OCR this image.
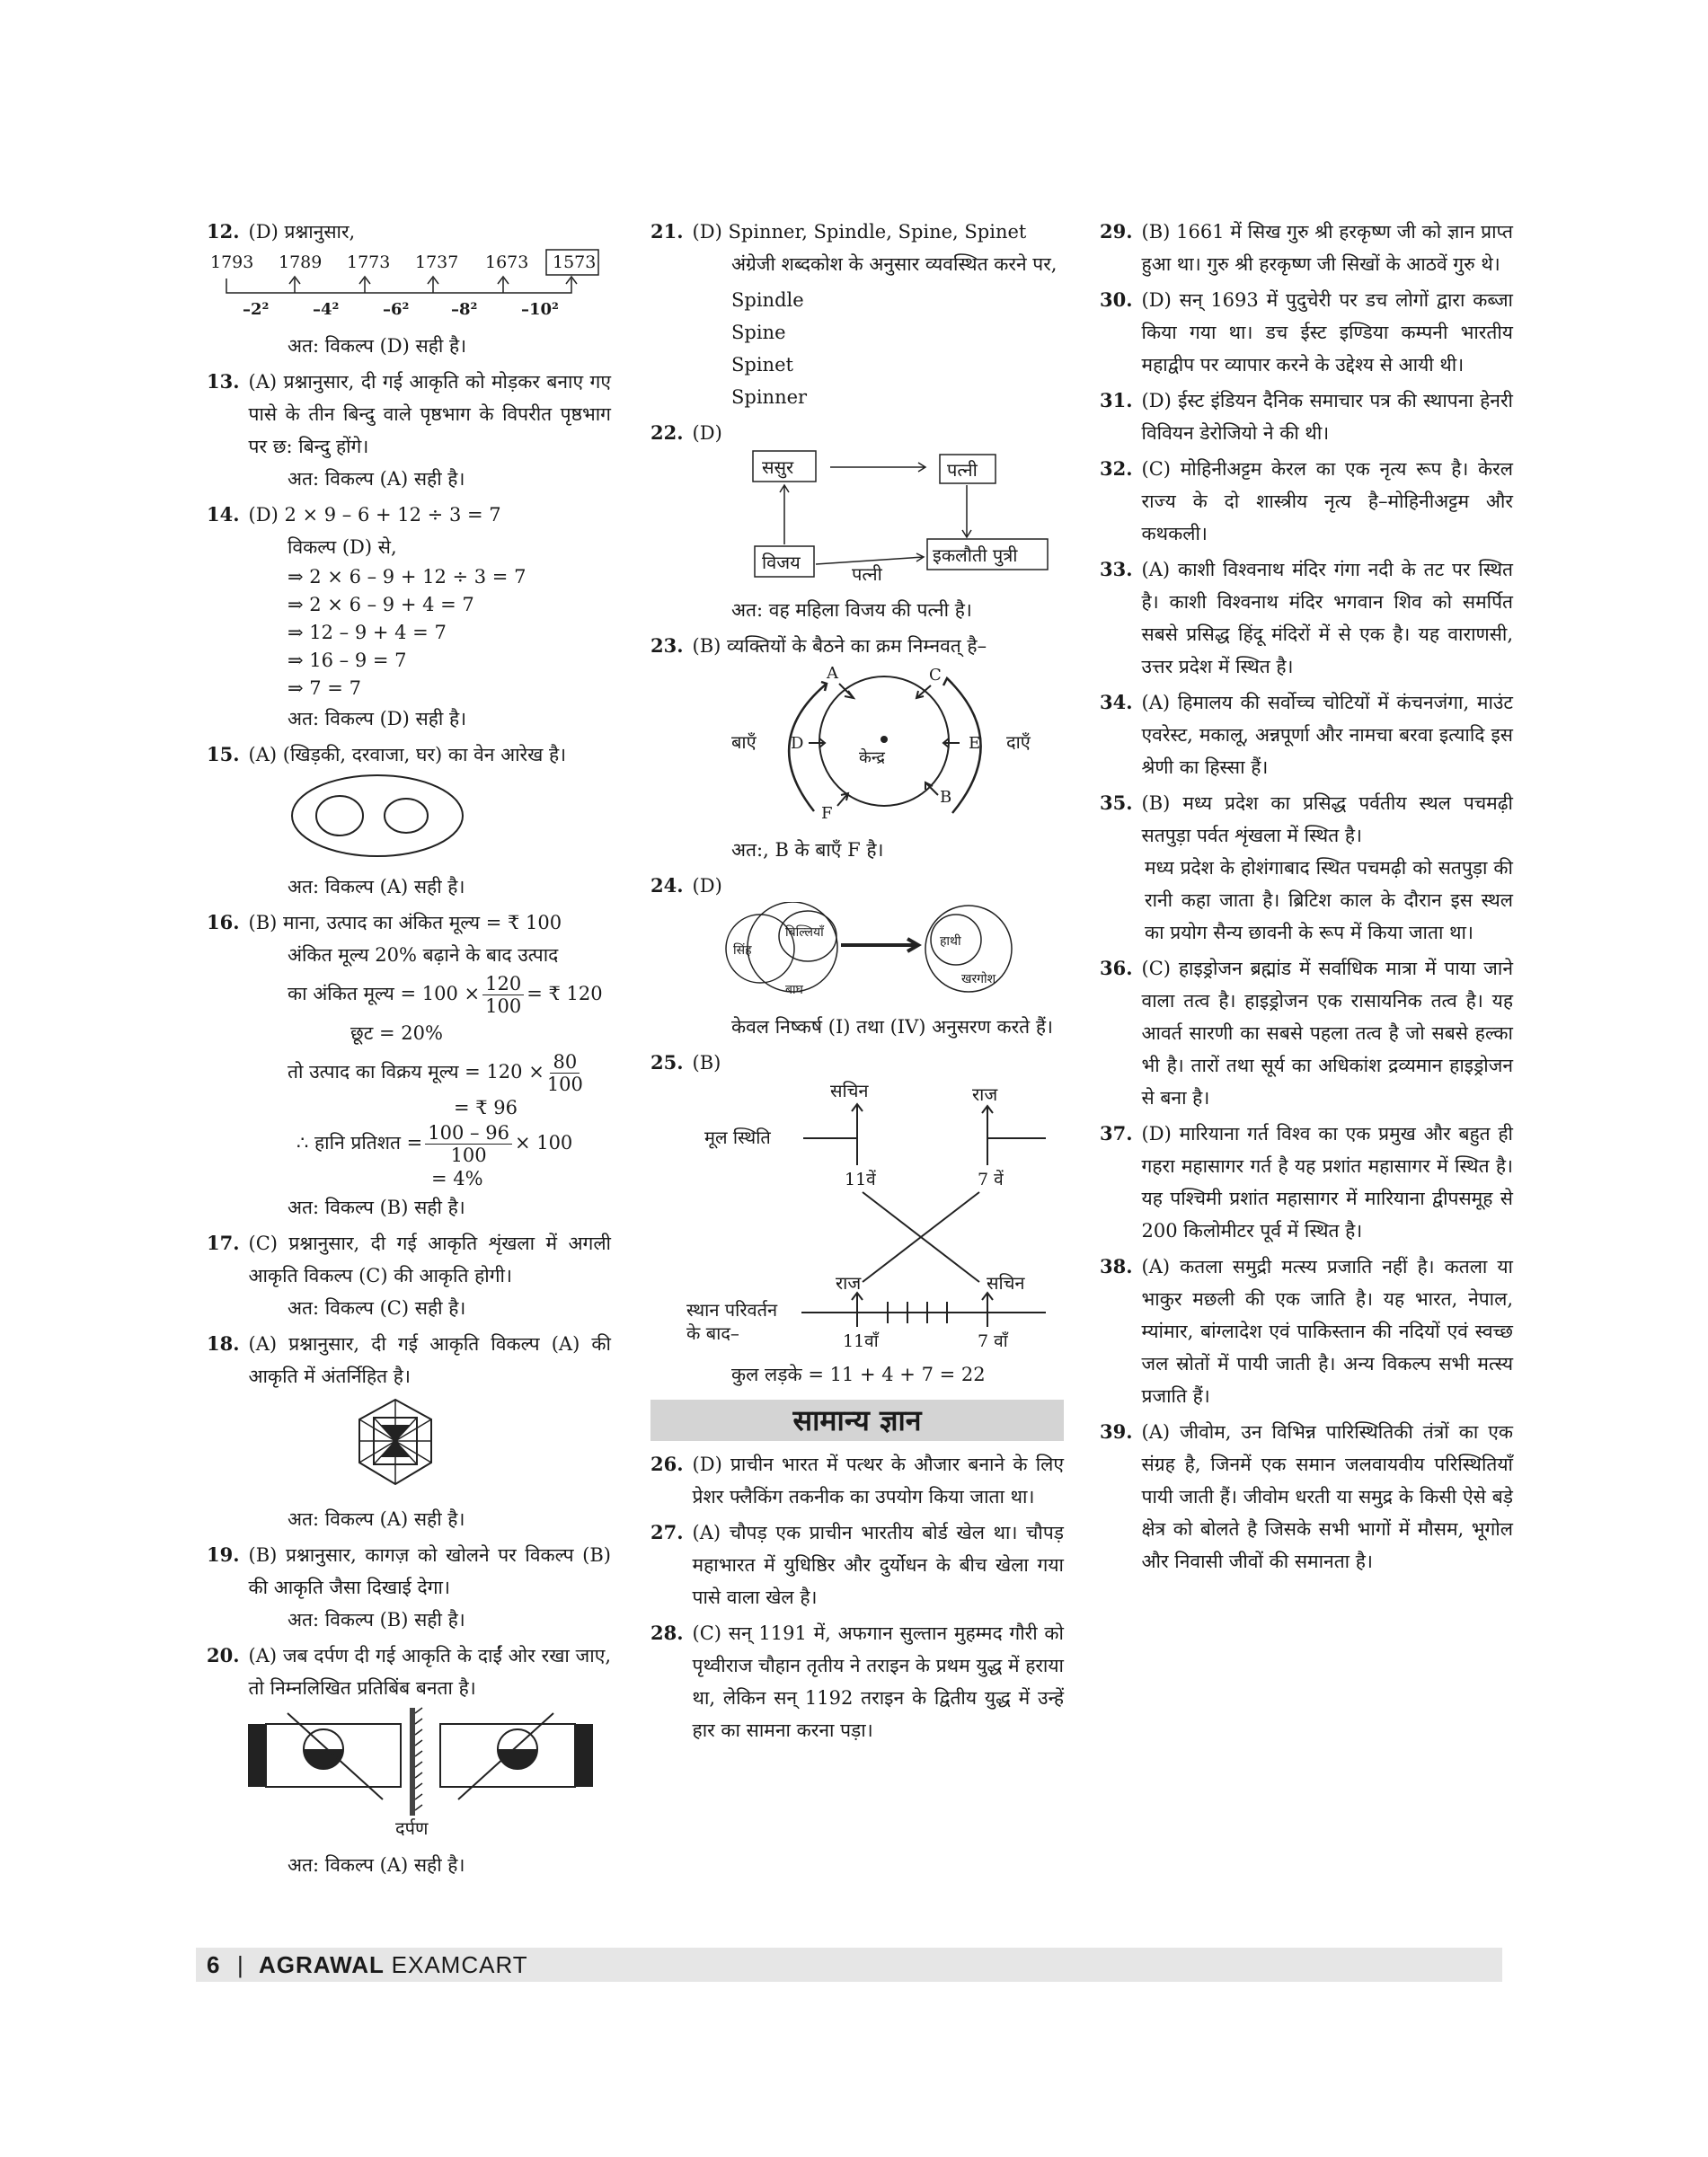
12. (D) प्रश्नानुसार,
1793 1789 1773 1737 1673 1573
–2²	–4²	–6²	–8²	–10²
अत: विकल्प (D) सही है।
13. (A) प्रश्नानुसार, दी गई आकृति को मोड़कर बनाए गए पासे के तीन बिन्दु वाले पृष्ठभाग के विपरीत पृष्ठभाग पर छ: बिन्दु होंगे।
अत: विकल्प (A) सही है।
14. (D) 2 × 9 – 6 + 12 ÷ 3 = 7
विकल्प (D) से,
⇒ 2 × 6 – 9 + 12 ÷ 3 = 7
⇒ 2 × 6 – 9 + 4 = 7
⇒ 12 – 9 + 4 = 7
⇒ 16 – 9 = 7
⇒ 7 = 7
अत: विकल्प (D) सही है।
15. (A) (खिड़की, दरवाजा, घर) का वेन आरेख है।
अत: विकल्प (A) सही है।
16. (B) माना, उत्पाद का अंकित मूल्य = ₹ 100
अंकित मूल्य 20% बढ़ाने के बाद उत्पाद
का अंकित मूल्य = $100 \times \frac{120}{100}$ = ₹ 120
छूट = 20%
तो उत्पाद का विक्रय मूल्य = $120 \times \frac{80}{100}$
= ₹ 96
∴ हानि प्रतिशत = $\frac{100 - 96}{100} \times 100$
= 4%
अत: विकल्प (B) सही है।
17. (C) प्रश्नानुसार, दी गई आकृति शृंखला में अगली आकृति विकल्प (C) की आकृति होगी।
अत: विकल्प (C) सही है।
18. (A) प्रश्नानुसार, दी गई आकृति विकल्प (A) की आकृति में अंतर्निहित है।
अत: विकल्प (A) सही है।
19. (B) प्रश्नानुसार, कागज़ को खोलने पर विकल्प (B) की आकृति जैसा दिखाई देगा।
अत: विकल्प (B) सही है।
20. (A) जब दर्पण दी गई आकृति के दाईं ओर रखा जाए, तो निम्नलिखित प्रतिबिंब बनता है।
दर्पण
अत: विकल्प (A) सही है।
21. (D) Spinner, Spindle, Spine, Spinet
अंग्रेजी शब्दकोश के अनुसार व्यवस्थित करने पर,
Spindle
Spine
Spinet
Spinner
22. (D)
ससुर	पत्नी
विजय	इकलौती पुत्री
पत्नी
अत: वह महिला विजय की पत्नी है।
23. (B) व्यक्तियों के बैठने का क्रम निम्नवत् है–
केन्द्र
A	C
D	E
F
B
बाएँ	दाएँ
अत:, B के बाएँ F है।
24. (D)
सिंह
बिल्लियाँ
बाघ
हाथी
खरगोश
केवल निष्कर्ष (I) तथा (IV) अनुसरण करते हैं।
25. (B)
सचिन	राज
मूल स्थिति
11वें	7 वें
राज	सचिन
स्थान परिवर्तन
के बाद–	11वाँ	7 वाँ
कुल लड़के = 11 + 4 + 7 = 22
सामान्य ज्ञान
26. (D) प्राचीन भारत में पत्थर के औजार बनाने के लिए प्रेशर फ्लैकिंग तकनीक का उपयोग किया जाता था।
27. (A) चौपड़ एक प्राचीन भारतीय बोर्ड खेल था। चौपड़ महाभारत में युधिष्ठिर और दुर्योधन के बीच खेला गया पासे वाला खेल है।
28. (C) सन् 1191 में, अफगान सुल्तान मुहम्मद गौरी को पृथ्वीराज चौहान तृतीय ने तराइन के प्रथम युद्ध में हराया था, लेकिन सन् 1192 तराइन के द्वितीय युद्ध में उन्हें हार का सामना करना पड़ा।
29. (B) 1661 में सिख गुरु श्री हरकृष्ण जी को ज्ञान प्राप्त हुआ था। गुरु श्री हरकृष्ण जी सिखों के आठवें गुरु थे।
30. (D) सन् 1693 में पुदुचेरी पर डच लोगों द्वारा कब्जा किया गया था। डच ईस्ट इण्डिया कम्पनी भारतीय महाद्वीप पर व्यापार करने के उद्देश्य से आयी थी।
31. (D) ईस्ट इंडियन दैनिक समाचार पत्र की स्थापना हेनरी विवियन डेरोजियो ने की थी।
32. (C) मोहिनीअट्टम केरल का एक नृत्य रूप है। केरल राज्य के दो शास्त्रीय नृत्य है–मोहिनीअट्टम और कथकली।
33. (A) काशी विश्वनाथ मंदिर गंगा नदी के तट पर स्थित है। काशी विश्वनाथ मंदिर भगवान शिव को समर्पित सबसे प्रसिद्ध हिंदू मंदिरों में से एक है। यह वाराणसी, उत्तर प्रदेश में स्थित है।
34. (A) हिमालय की सर्वोच्च चोटियों में कंचनजंगा, माउंट एवरेस्ट, मकालू, अन्नपूर्णा और नामचा बरवा इत्यादि इस श्रेणी का हिस्सा हैं।
35. (B) मध्य प्रदेश का प्रसिद्ध पर्वतीय स्थल पचमढ़ी सतपुड़ा पर्वत शृंखला में स्थित है।
मध्य प्रदेश के होशंगाबाद स्थित पचमढ़ी को सतपुड़ा की रानी कहा जाता है। ब्रिटिश काल के दौरान इस स्थल का प्रयोग सैन्य छावनी के रूप में किया जाता था।
36. (C) हाइड्रोजन ब्रह्मांड में सर्वाधिक मात्रा में पाया जाने वाला तत्व है। हाइड्रोजन एक रासायनिक तत्व है। यह आवर्त सारणी का सबसे पहला तत्व है जो सबसे हल्का भी है। तारों तथा सूर्य का अधिकांश द्रव्यमान हाइड्रोजन से बना है।
37. (D) मारियाना गर्त विश्व का एक प्रमुख और बहुत ही गहरा महासागर गर्त है यह प्रशांत महासागर में स्थित है। यह पश्चिमी प्रशांत महासागर में मारियाना द्वीपसमूह से 200 किलोमीटर पूर्व में स्थित है।
38. (A) कतला समुद्री मत्स्य प्रजाति नहीं है। कतला या भाकुर मछली की एक जाति है। यह भारत, नेपाल, म्यांमार, बांग्लादेश एवं पाकिस्तान की नदियों एवं स्वच्छ जल स्रोतों में पायी जाती है। अन्य विकल्प सभी मत्स्य प्रजाति हैं।
39. (A) जीवोम, उन विभिन्न पारिस्थितिकी तंत्रों का एक संग्रह है, जिनमें एक समान जलवायवीय परिस्थितियाँ पायी जाती हैं। जीवोम धरती या समुद्र के किसी ऐसे बड़े क्षेत्र को बोलते है जिसके सभी भागों में मौसम, भूगोल और निवासी जीवों की समानता है।
6 | AGRAWAL EXAMCART
